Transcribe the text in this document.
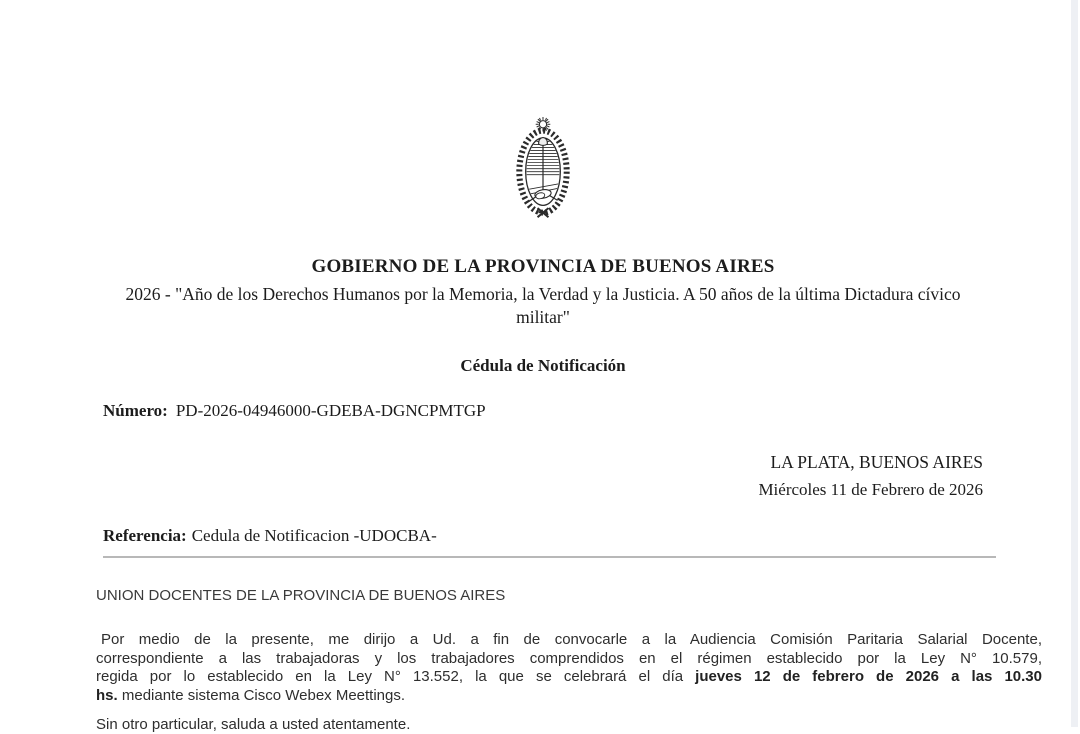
GOBIERNO DE LA PROVINCIA DE BUENOS AIRES

2026 - "Año de los Derechos Humanos por la Memoria, la Verdad y la Justicia. A 50 años de la última Dictadura cívico militar"

Cédula de Notificación

Número: PD-2026-04946000-GDEBA-DGNCPMTGP

LA PLATA, BUENOS AIRES

Miércoles 11 de Febrero de 2026

Referencia: Cedula de Notificacion -UDOCBA-

UNION DOCENTES DE LA PROVINCIA DE BUENOS AIRES

Por medio de la presente, me dirijo a Ud. a fin de convocarle a la Audiencia Comisión Paritaria Salarial Docente,

correspondiente a las trabajadoras y los trabajadores comprendidos en el régimen establecido por la Ley N° 10.579,

regida por lo establecido en la Ley N° 13.552, la que se celebrará el día jueves 12 de febrero de 2026 a las 10.30

hs. mediante sistema Cisco Webex Meettings.

Sin otro particular, saluda a usted atentamente.
